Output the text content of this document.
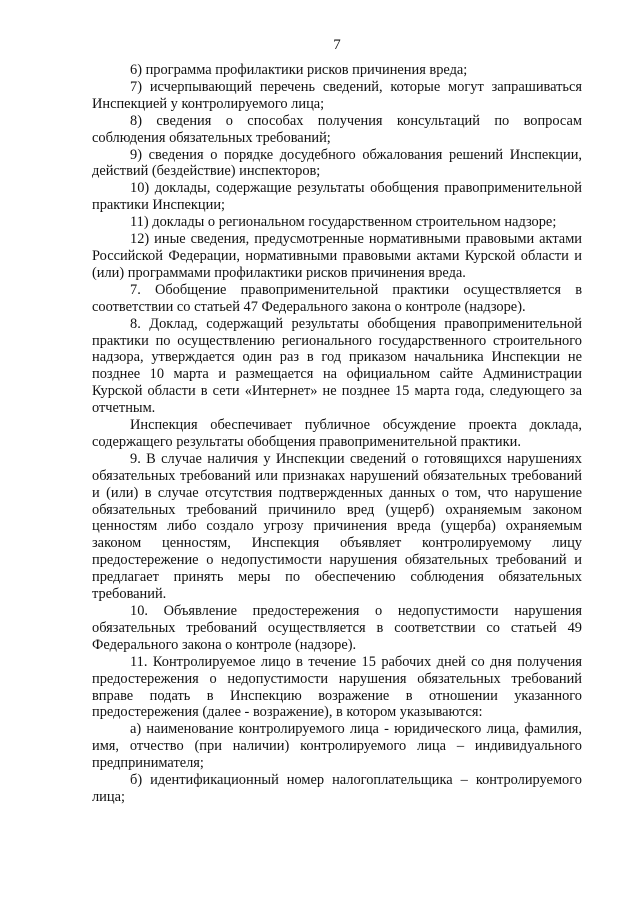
7

6) программа профилактики рисков причинения вреда;

7) исчерпывающий перечень сведений, которые могут запрашиваться Инспекцией у контролируемого лица;

8) сведения о способах получения консультаций по вопросам соблюдения обязательных требований;

9) сведения о порядке досудебного обжалования решений Инспекции, действий (бездействие) инспекторов;

10) доклады, содержащие результаты обобщения правоприменительной практики Инспекции;

11) доклады о региональном государственном строительном надзоре;

12) иные сведения, предусмотренные нормативными правовыми актами Российской Федерации, нормативными правовыми актами Курской области и (или) программами профилактики рисков причинения вреда.

7. Обобщение правоприменительной практики осуществляется в соответствии со статьей 47 Федерального закона о контроле (надзоре).

8. Доклад, содержащий результаты обобщения правоприменительной практики по осуществлению регионального государственного строительного надзора, утверждается один раз в год приказом начальника Инспекции не позднее 10 марта и размещается на официальном сайте Администрации Курской области в сети «Интернет» не позднее 15 марта года, следующего за отчетным.

Инспекция обеспечивает публичное обсуждение проекта доклада, содержащего результаты обобщения правоприменительной практики.

9. В случае наличия у Инспекции сведений о готовящихся нарушениях обязательных требований или признаках нарушений обязательных требований и (или) в случае отсутствия подтвержденных данных о том, что нарушение обязательных требований причинило вред (ущерб) охраняемым законом ценностям либо создало угрозу причинения вреда (ущерба) охраняемым законом ценностям, Инспекция объявляет контролируемому лицу предостережение о недопустимости нарушения обязательных требований и предлагает принять меры по обеспечению соблюдения обязательных требований.

10. Объявление предостережения о недопустимости нарушения обязательных требований осуществляется в соответствии со статьей 49 Федерального закона о контроле (надзоре).

11. Контролируемое лицо в течение 15 рабочих дней со дня получения предостережения о недопустимости нарушения обязательных требований вправе подать в Инспекцию возражение в отношении указанного предостережения (далее - возражение), в котором указываются:

а) наименование контролируемого лица - юридического лица, фамилия, имя, отчество (при наличии) контролируемого лица – индивидуального предпринимателя;

б) идентификационный номер налогоплательщика – контролируемого лица;
